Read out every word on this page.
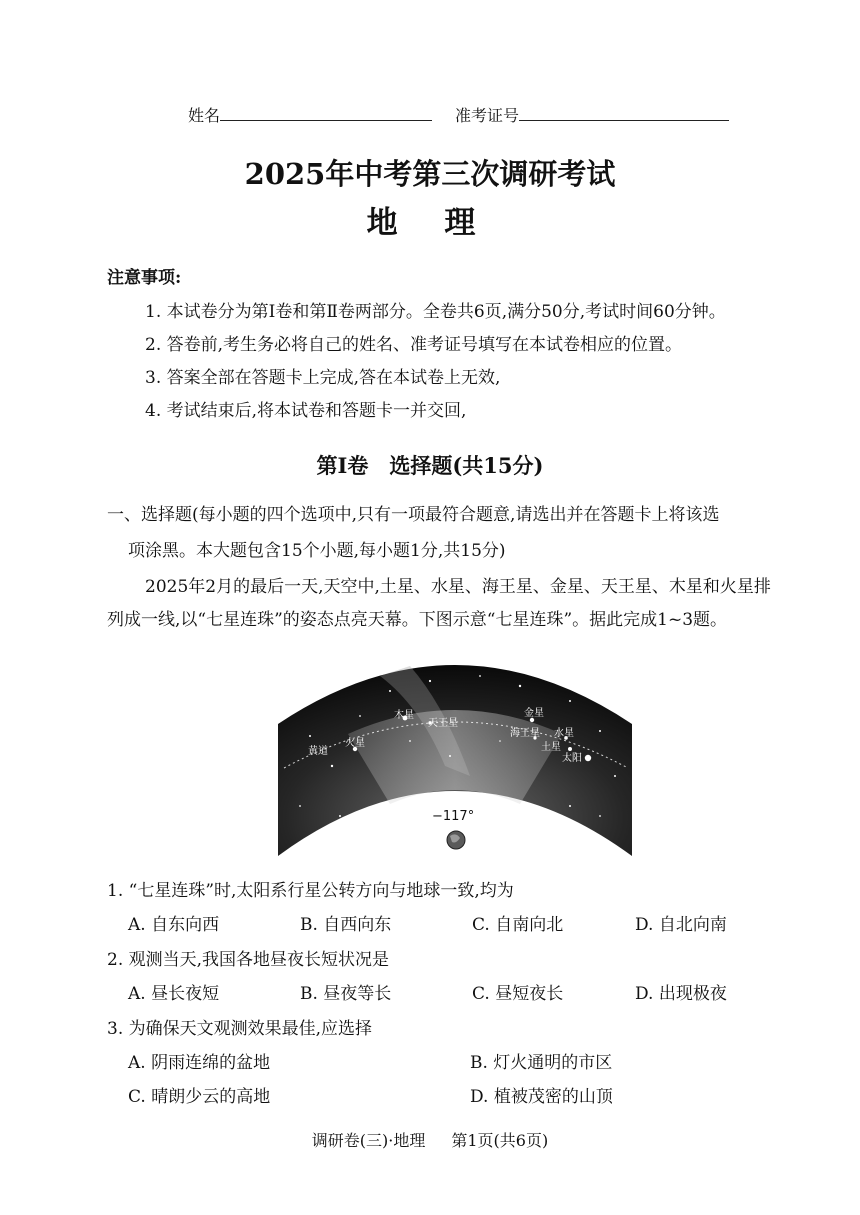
姓名	准考证号
2025年中考第三次调研考试
地 理
注意事项:
1. 本试卷分为第Ⅰ卷和第Ⅱ卷两部分。全卷共6页,满分50分,考试时间60分钟。
2. 答卷前,考生务必将自己的姓名、准考证号填写在本试卷相应的位置。
3. 答案全部在答题卡上完成,答在本试卷上无效,
4. 考试结束后,将本试卷和答题卡一并交回,
第Ⅰ卷　选择题(共15分)
一、选择题(每小题的四个选项中,只有一项最符合题意,请选出并在答题卡上将该选
项涂黑。本大题包含15个小题,每小题1分,共15分)
2025年2月的最后一天,天空中,土星、水星、海王星、金星、天王星、木星和火星排
列成一线,以“七星连珠”的姿态点亮天幕。下图示意“七星连珠”。据此完成1~3题。
黄道
火星
木星
天王星
金星
海王星 水星
土星
太阳
−117°
1. “七星连珠”时,太阳系行星公转方向与地球一致,均为
A. 自东向西	B. 自西向东	C. 自南向北	D. 自北向南
2. 观测当天,我国各地昼夜长短状况是
A. 昼长夜短	B. 昼夜等长	C. 昼短夜长	D. 出现极夜
3. 为确保天文观测效果最佳,应选择
A. 阴雨连绵的盆地	B. 灯火通明的市区
C. 晴朗少云的高地	D. 植被茂密的山顶
调研卷(三)·地理 第1页(共6页)
